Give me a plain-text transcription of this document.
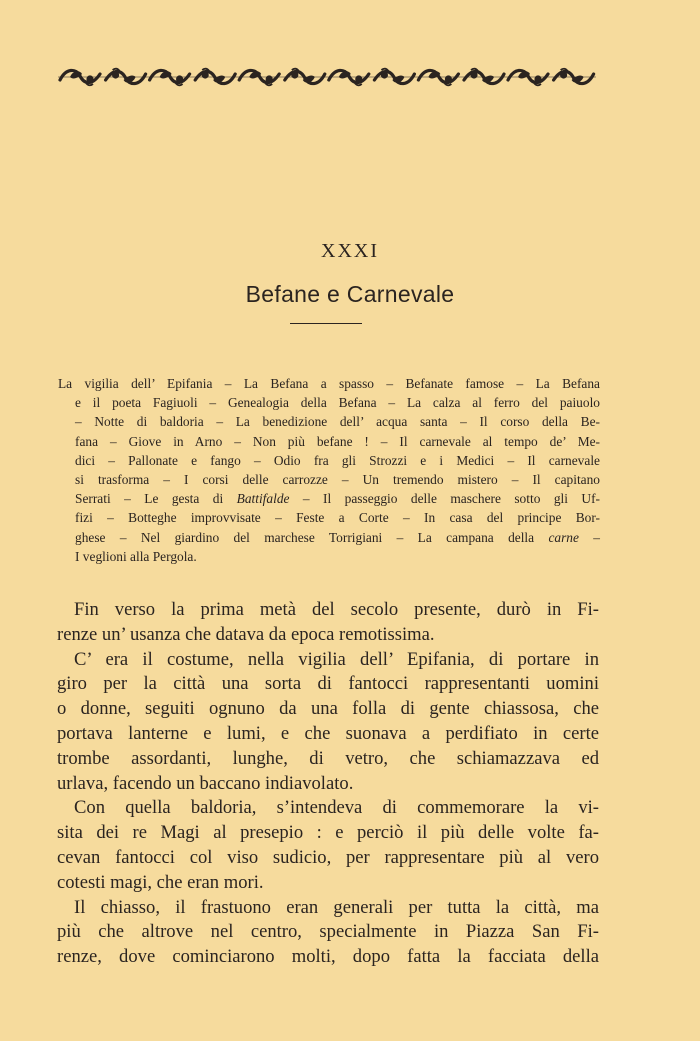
XXXI
Befane e Carnevale
La vigilia dell’ Epifania – La Befana a spasso – Befanate famose – La Befana
e il poeta Fagiuoli – Genealogia della Befana – La calza al ferro del paiuolo
– Notte di baldoria – La benedizione dell’ acqua santa – Il corso della Be-
fana – Giove in Arno – Non più befane ! – Il carnevale al tempo de’ Me-
dici – Pallonate e fango – Odio fra gli Strozzi e i Medici – Il carnevale
si trasforma – I corsi delle carrozze – Un tremendo mistero – Il capitano
Serrati – Le gesta di Battifalde – Il passeggio delle maschere sotto gli Uf-
fizi – Botteghe improvvisate – Feste a Corte – In casa del principe Bor-
ghese – Nel giardino del marchese Torrigiani – La campana della carne –
I veglioni alla Pergola.
Fin verso la prima metà del secolo presente, durò in Fi-
renze un’ usanza che datava da epoca remotissima.
C’ era il costume, nella vigilia dell’ Epifania, di portare in
giro per la città una sorta di fantocci rappresentanti uomini
o donne, seguiti ognuno da una folla di gente chiassosa, che
portava lanterne e lumi, e che suonava a perdifiato in certe
trombe assordanti, lunghe, di vetro, che schiamazzava ed
urlava, facendo un baccano indiavolato.
Con quella baldoria, s’intendeva di commemorare la vi-
sita dei re Magi al presepio : e perciò il più delle volte fa-
cevan fantocci col viso sudicio, per rappresentare più al vero
cotesti magi, che eran mori.
Il chiasso, il frastuono eran generali per tutta la città, ma
più che altrove nel centro, specialmente in Piazza San Fi-
renze, dove cominciarono molti, dopo fatta la facciata della
